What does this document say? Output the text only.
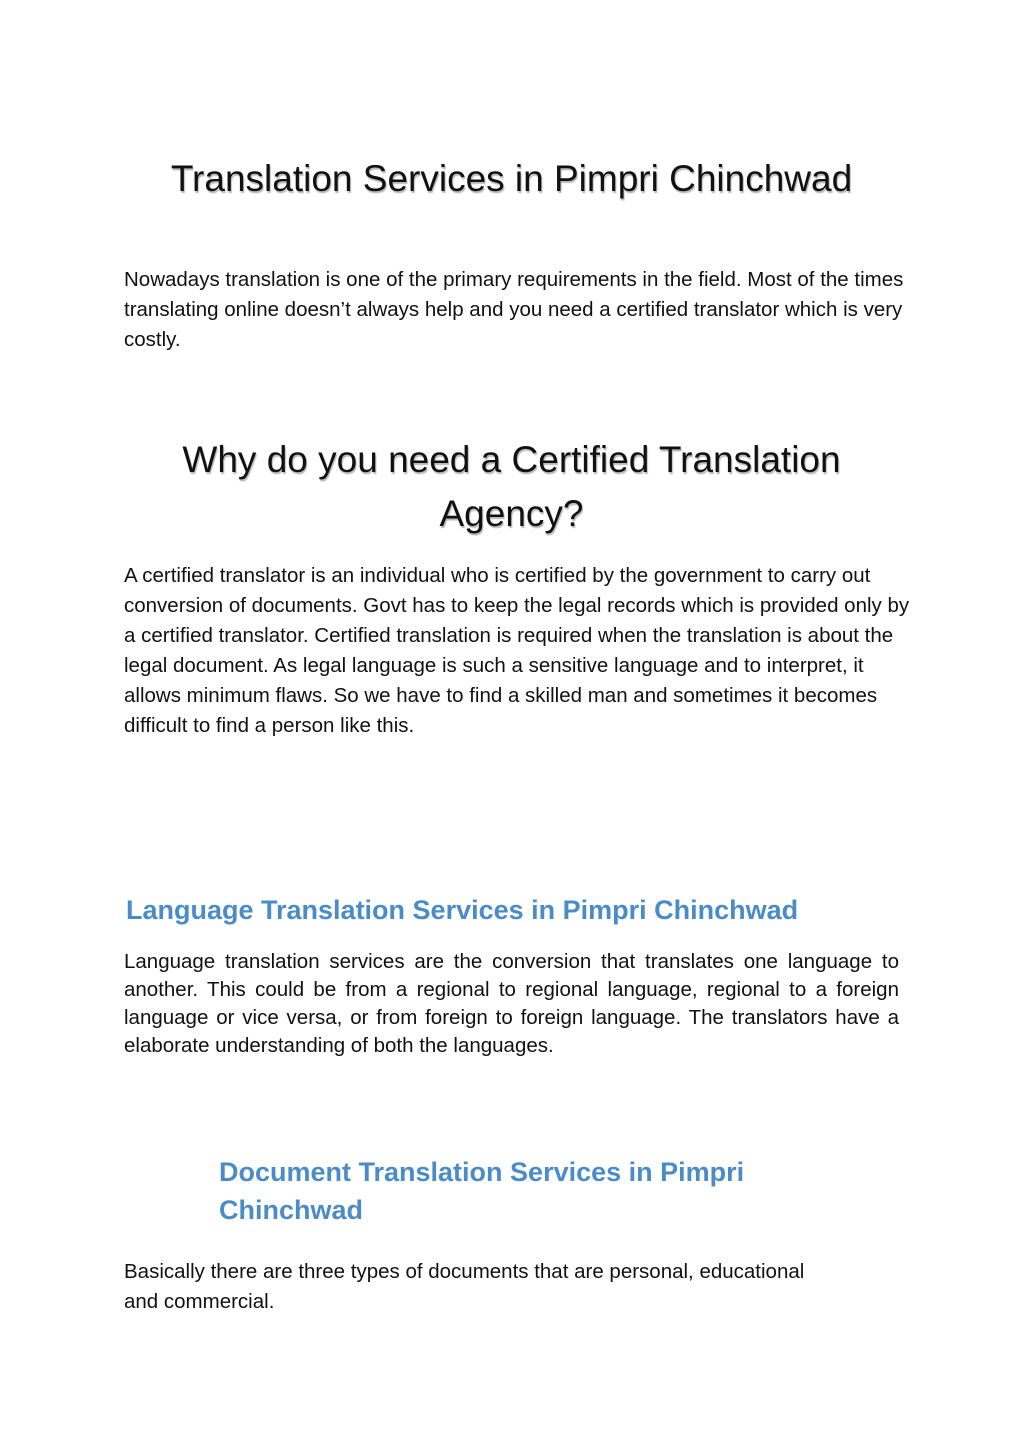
Translation Services in Pimpri Chinchwad

Nowadays translation is one of the primary requirements in the field. Most of the times translating online doesn’t always help and you need a certified translator which is very costly.

Why do you need a Certified Translation Agency?

A certified translator is an individual who is certified by the government to carry out conversion of documents. Govt has to keep the legal records which is provided only by a certified translator. Certified translation is required when the translation is about the legal document. As legal language is such a sensitive language and to interpret, it allows minimum flaws. So we have to find a skilled man and sometimes it becomes difficult to find a person like this.

Language Translation Services in Pimpri Chinchwad

Language translation services are the conversion that translates one language to another. This could be from a regional to regional language, regional to a foreign language or vice versa, or from foreign to foreign language. The translators have a elaborate understanding of both the languages.

Document Translation Services in Pimpri Chinchwad

Basically there are three types of documents that are personal, educational and commercial.
